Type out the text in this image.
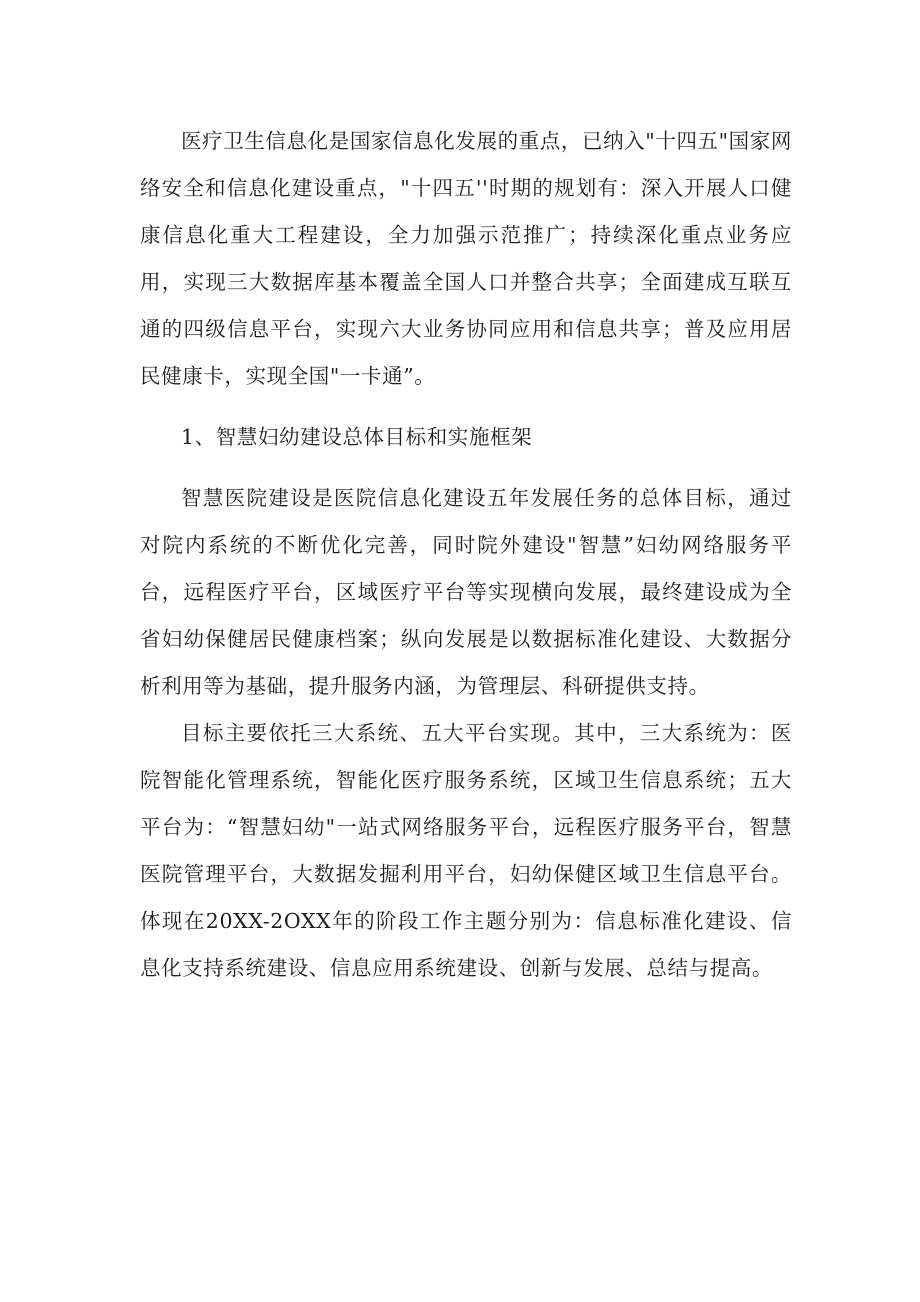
医疗卫生信息化是国家信息化发展的重点，已纳入"十四五"国家网络安全和信息化建设重点，"十四五''时期的规划有：深入开展人口健康信息化重大工程建设，全力加强示范推广；持续深化重点业务应用，实现三大数据库基本覆盖全国人口并整合共享；全面建成互联互通的四级信息平台，实现六大业务协同应用和信息共享；普及应用居民健康卡，实现全国"一卡通”。

1、智慧妇幼建设总体目标和实施框架

智慧医院建设是医院信息化建设五年发展任务的总体目标，通过对院内系统的不断优化完善，同时院外建设"智慧”妇幼网络服务平台，远程医疗平台，区域医疗平台等实现横向发展，最终建设成为全省妇幼保健居民健康档案；纵向发展是以数据标准化建设、大数据分析利用等为基础，提升服务内涵，为管理层、科研提供支持。

目标主要依托三大系统、五大平台实现。其中，三大系统为：医院智能化管理系统，智能化医疗服务系统，区域卫生信息系统；五大平台为：“智慧妇幼"一站式网络服务平台，远程医疗服务平台，智慧医院管理平台，大数据发掘利用平台，妇幼保健区域卫生信息平台。体现在20XX-2OXX年的阶段工作主题分别为：信息标准化建设、信息化支持系统建设、信息应用系统建设、创新与发展、总结与提高。
